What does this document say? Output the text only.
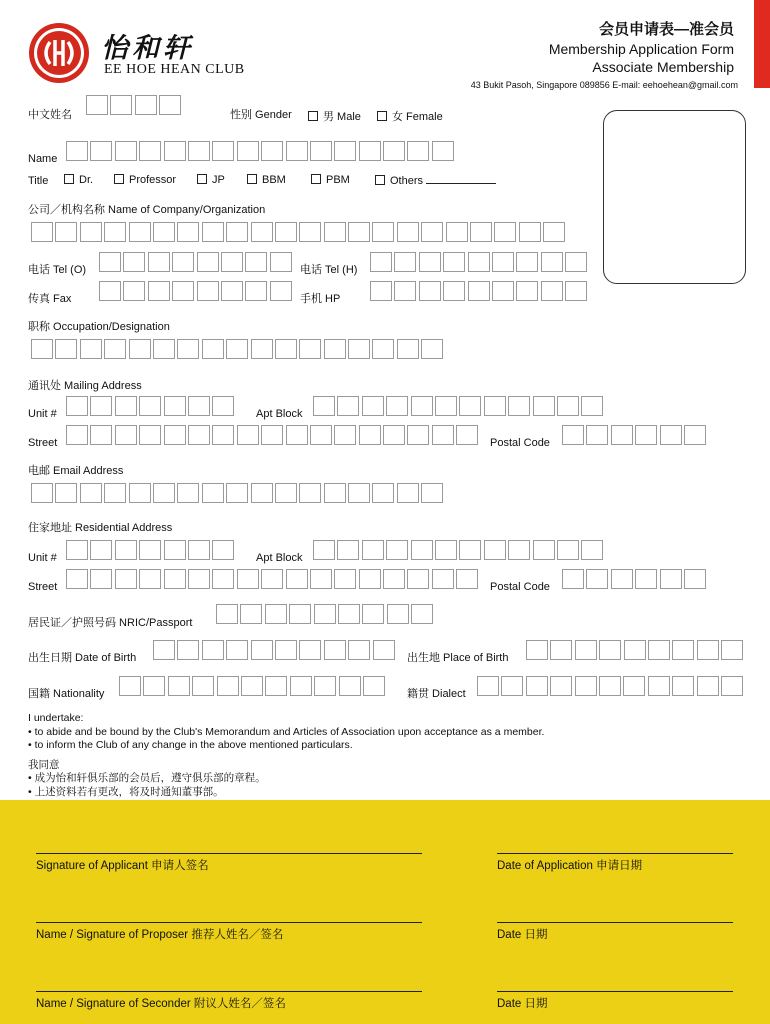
怡和轩
EE HOE HEAN CLUB
会员申请表—准会员
Membership Application Form
Associate Membership
43 Bukit Pasoh, Singapore 089856 E-mail: eehoehean@gmail.com
中文姓名	性别 Gender	男 Male	女 Female
Name
Title	Dr.	Professor	JP	BBM	PBM	Others
公司／机构名称 Name of Company/Organization
电话 Tel (O)	电话 Tel (H)
传真 Fax	手机 HP
职称 Occupation/Designation
通讯处 Mailing Address
Unit #	Apt Block
Street	Postal Code
电邮 Email Address
住家地址 Residential Address
Unit #	Apt Block
Street	Postal Code
居民证／护照号码 NRIC/Passport
出生日期 Date of Birth	出生地 Place of Birth
国籍 Nationality	籍贯 Dialect
I undertake:
• to abide and be bound by the Club's Memorandum and Articles of Association upon acceptance as a member.
• to inform the Club of any change in the above mentioned particulars.
我同意
• 成为怡和轩俱乐部的会员后，遵守俱乐部的章程。
• 上述资料若有更改，将及时通知董事部。
Signature of Applicant 申请人签名	Date of Application 申请日期
Name / Signature of Proposer 推荐人姓名／签名	Date 日期
Name / Signature of Seconder 附议人姓名／签名	Date 日期
